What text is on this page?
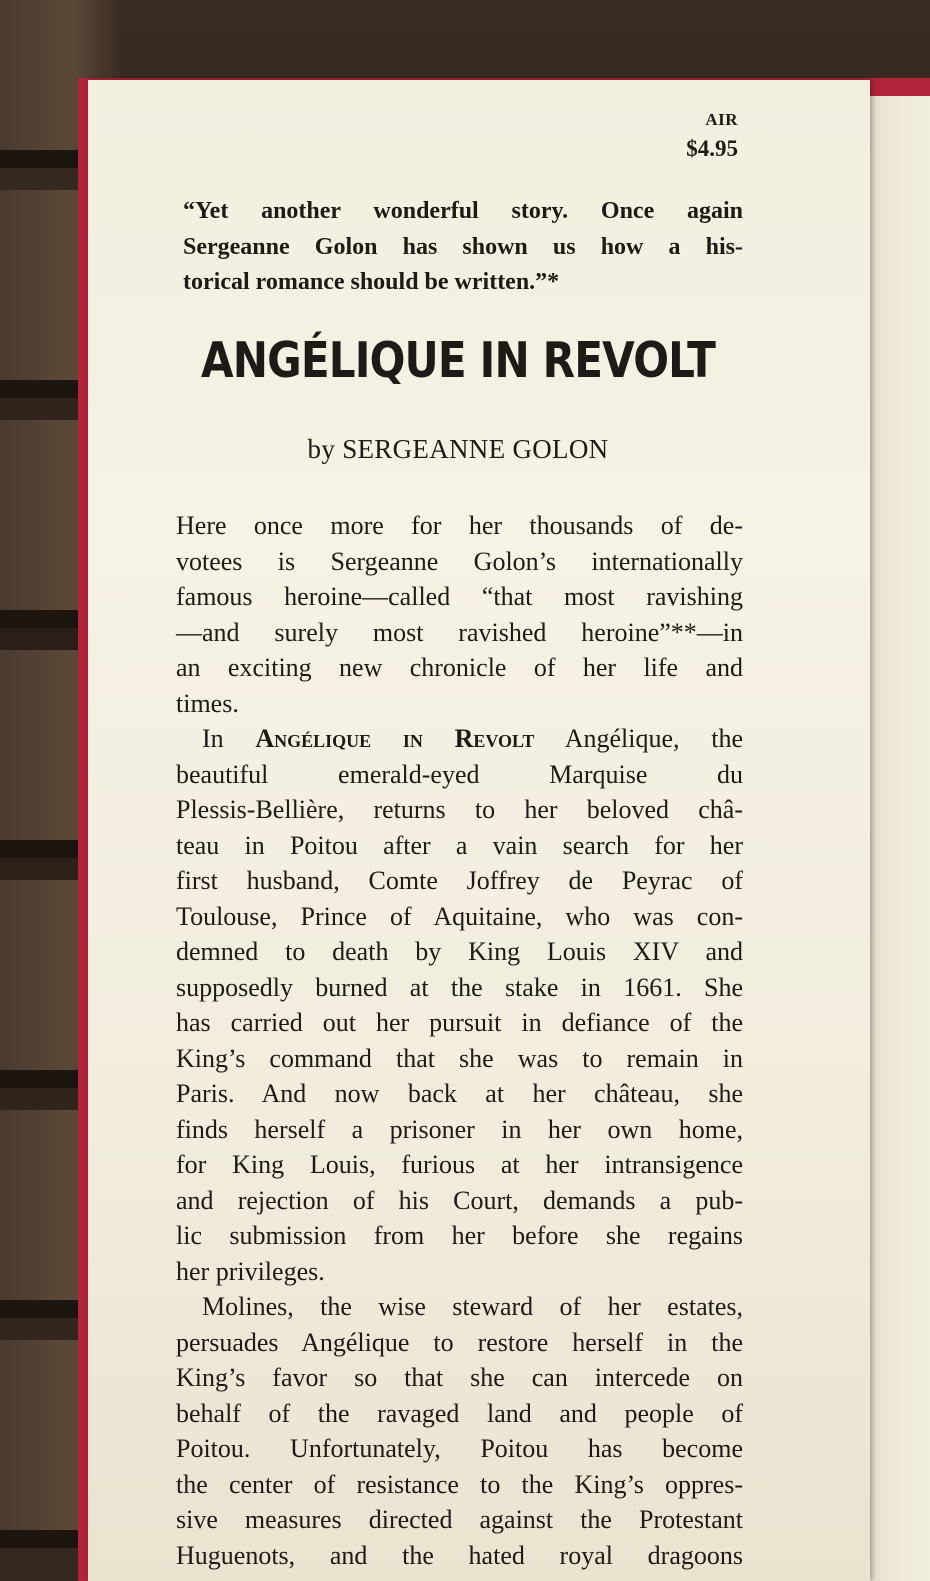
AIR
$4.95
“Yet another wonderful story. Once again
Sergeanne Golon has shown us how a his-
torical romance should be written.”*
ANGÉLIQUE IN REVOLT
by SERGEANNE GOLON
Here once more for her thousands of de-
votees is Sergeanne Golon’s internationally
famous heroine—called “that most ravishing
—and surely most ravished heroine”**—in
an exciting new chronicle of her life and
times.
In Angélique in Revolt Angélique, the
beautiful emerald-eyed Marquise du
Plessis-Bellière, returns to her beloved châ-
teau in Poitou after a vain search for her
first husband, Comte Joffrey de Peyrac of
Toulouse, Prince of Aquitaine, who was con-
demned to death by King Louis XIV and
supposedly burned at the stake in 1661. She
has carried out her pursuit in defiance of the
King’s command that she was to remain in
Paris. And now back at her château, she
finds herself a prisoner in her own home,
for King Louis, furious at her intransigence
and rejection of his Court, demands a pub-
lic submission from her before she regains
her privileges.
Molines, the wise steward of her estates,
persuades Angélique to restore herself in the
King’s favor so that she can intercede on
behalf of the ravaged land and people of
Poitou. Unfortunately, Poitou has become
the center of resistance to the King’s oppres-
sive measures directed against the Protestant
Huguenots, and the hated royal dragoons
